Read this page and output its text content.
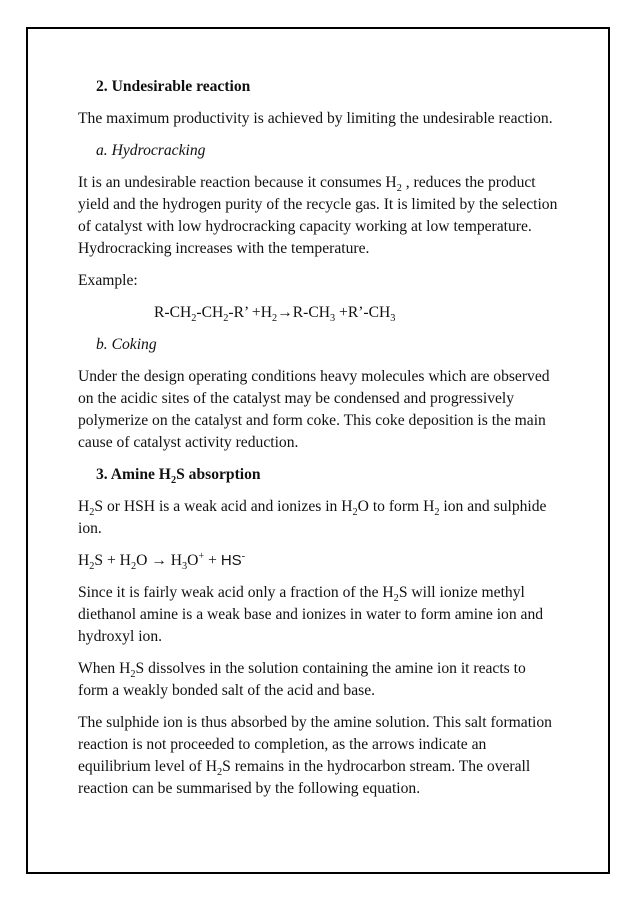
2. Undesirable reaction

The maximum productivity is achieved by limiting the undesirable reaction.

a. Hydrocracking

It is an undesirable reaction because it consumes $H_2$ , reduces the product yield and the hydrogen purity of the recycle gas. It is limited by the selection of catalyst with low hydrocracking capacity working at low temperature. Hydrocracking increases with the temperature.

Example:

$R-CH_2-CH_2-R$’ $+H_2\to R-CH_3$ $+R’-CH_3$

b. Coking

Under the design operating conditions heavy molecules which are observed on the acidic sites of the catalyst may be condensed and progressively polymerize on the catalyst and form coke. This coke deposition is the main cause of catalyst activity reduction.

3. Amine $H_2S$ absorption

$H_2S$ or HSH is a weak acid and ionizes in $H_2O$ to form $H_2$ ion and sulphide ion.

$H_2S + H_2O \to H_3O^+ + HS^-$

Since it is fairly weak acid only a fraction of the $H_2S$ will ionize methyl diethanol amine is a weak base and ionizes in water to form amine ion and hydroxyl ion.

When $H_2S$ dissolves in the solution containing the amine ion it reacts to form a weakly bonded salt of the acid and base.

The sulphide ion is thus absorbed by the amine solution. This salt formation reaction is not proceeded to completion, as the arrows indicate an equilibrium level of $H_2S$ remains in the hydrocarbon stream. The overall reaction can be summarised by the following equation.
